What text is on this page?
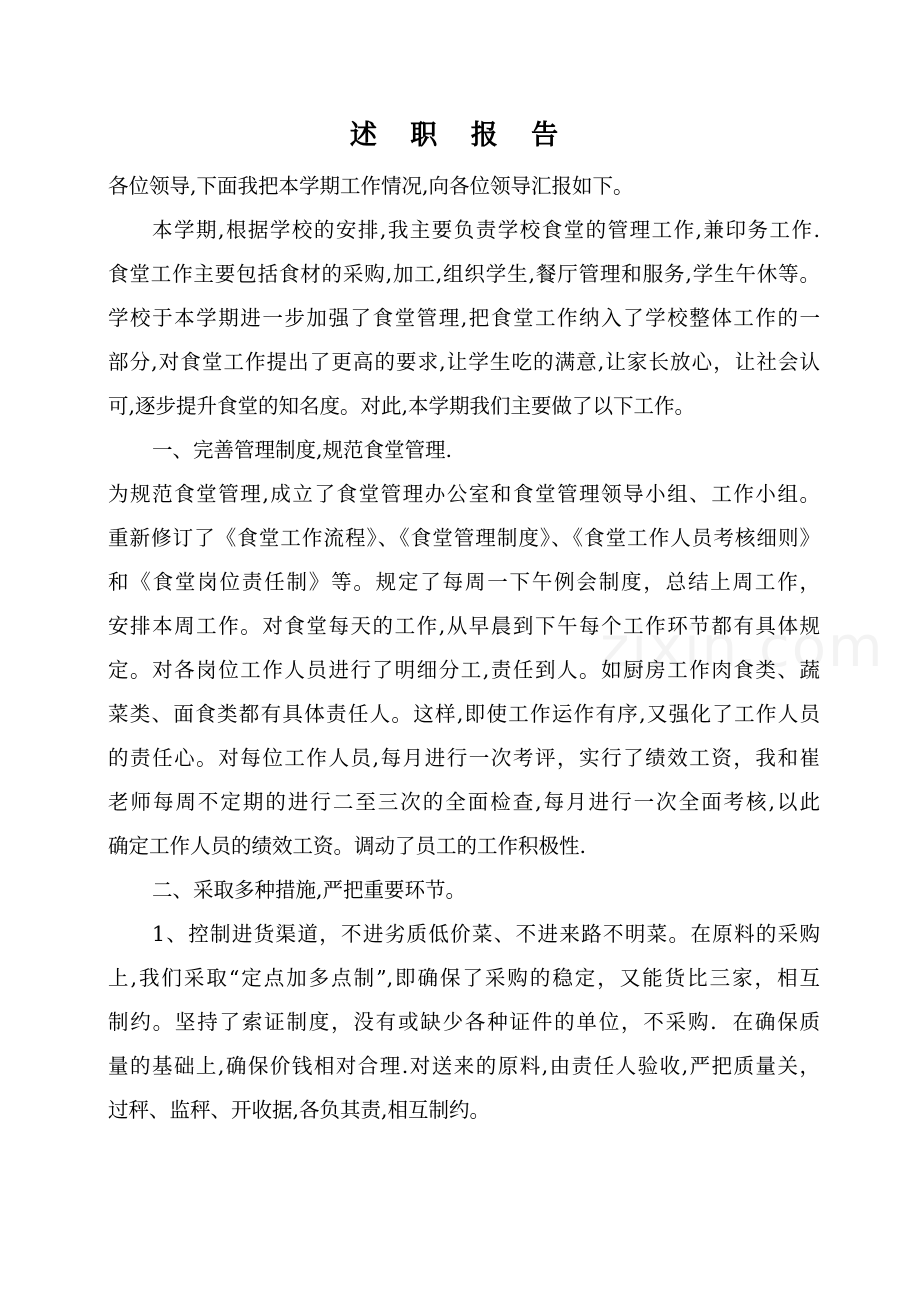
述 职 报 告
各位领导,下面我把本学期工作情况,向各位领导汇报如下。
本学期,根据学校的安排,我主要负责学校食堂的管理工作,兼印务工作.
食堂工作主要包括食材的采购,加工,组织学生,餐厅管理和服务,学生午休等。
学校于本学期进一步加强了食堂管理,把食堂工作纳入了学校整体工作的一
部分,对食堂工作提出了更高的要求,让学生吃的满意,让家长放心，让社会认
可,逐步提升食堂的知名度。对此,本学期我们主要做了以下工作。
一、完善管理制度,规范食堂管理.
为规范食堂管理,成立了食堂管理办公室和食堂管理领导小组、工作小组。
重新修订了《食堂工作流程》、《食堂管理制度》、《食堂工作人员考核细则》
和《食堂岗位责任制》等。规定了每周一下午例会制度，总结上周工作，
安排本周工作。对食堂每天的工作,从早晨到下午每个工作环节都有具体规
定。对各岗位工作人员进行了明细分工,责任到人。如厨房工作肉食类、蔬
菜类、面食类都有具体责任人。这样,即使工作运作有序,又强化了工作人员
的责任心。对每位工作人员,每月进行一次考评，实行了绩效工资，我和崔
老师每周不定期的进行二至三次的全面检查,每月进行一次全面考核,以此
确定工作人员的绩效工资。调动了员工的工作积极性.
二、采取多种措施,严把重要环节。
1、控制进货渠道，不进劣质低价菜、不进来路不明菜。在原料的采购
上,我们采取“定点加多点制”,即确保了采购的稳定，又能货比三家，相互
制约。坚持了索证制度，没有或缺少各种证件的单位，不采购．在确保质
量的基础上,确保价钱相对合理.对送来的原料,由责任人验收,严把质量关，
过秤、监秤、开收据,各负其责,相互制约。
